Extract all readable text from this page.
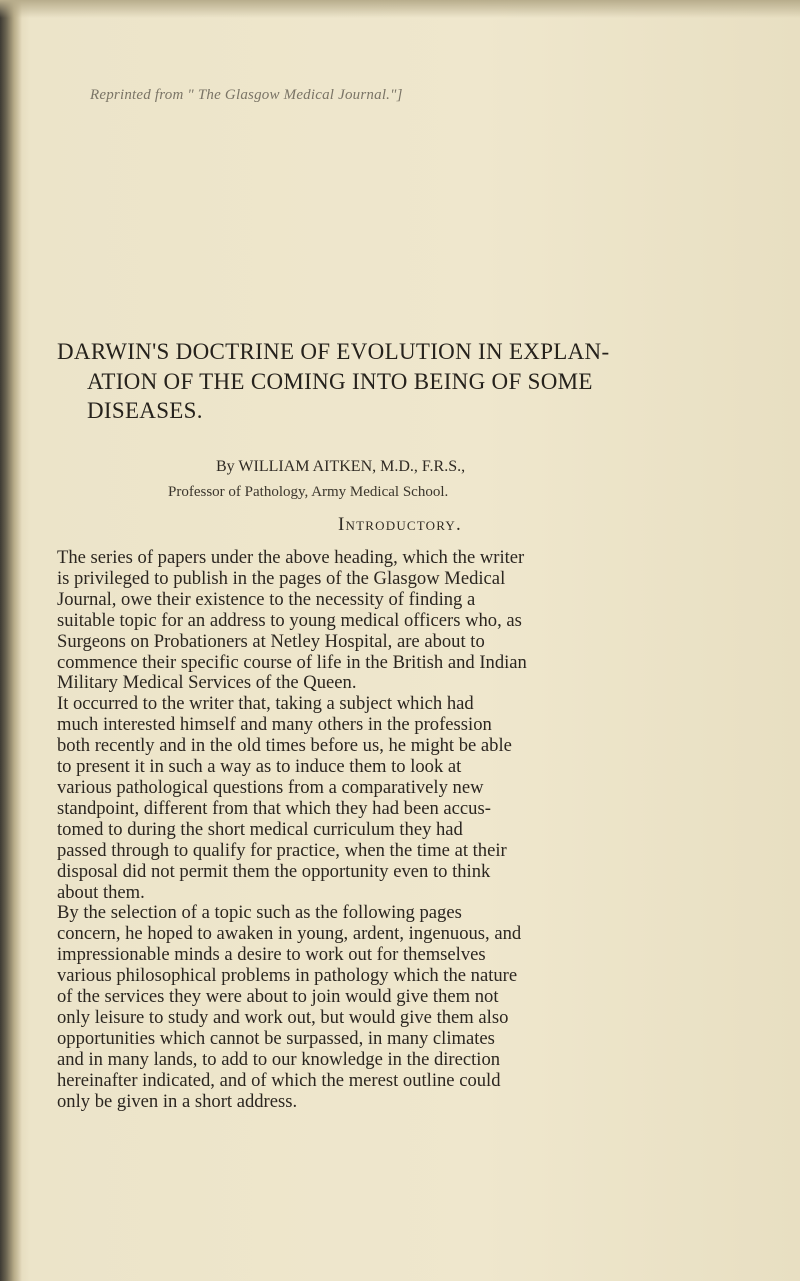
Reprinted from " The Glasgow Medical Journal."]
DARWIN'S DOCTRINE OF EVOLUTION IN EXPLAN-
ATION OF THE COMING INTO BEING OF SOME
DISEASES.
By WILLIAM AITKEN, M.D., F.R.S.,
Professor of Pathology, Army Medical School.
Introductory.
The series of papers under the above heading, which the writer
is privileged to publish in the pages of the Glasgow Medical
Journal, owe their existence to the necessity of finding a
suitable topic for an address to young medical officers who, as
Surgeons on Probationers at Netley Hospital, are about to
commence their specific course of life in the British and Indian
Military Medical Services of the Queen.
It occurred to the writer that, taking a subject which had
much interested himself and many others in the profession
both recently and in the old times before us, he might be able
to present it in such a way as to induce them to look at
various pathological questions from a comparatively new
standpoint, different from that which they had been accus-
tomed to during the short medical curriculum they had
passed through to qualify for practice, when the time at their
disposal did not permit them the opportunity even to think
about them.
By the selection of a topic such as the following pages
concern, he hoped to awaken in young, ardent, ingenuous, and
impressionable minds a desire to work out for themselves
various philosophical problems in pathology which the nature
of the services they were about to join would give them not
only leisure to study and work out, but would give them also
opportunities which cannot be surpassed, in many climates
and in many lands, to add to our knowledge in the direction
hereinafter indicated, and of which the merest outline could
only be given in a short address.
